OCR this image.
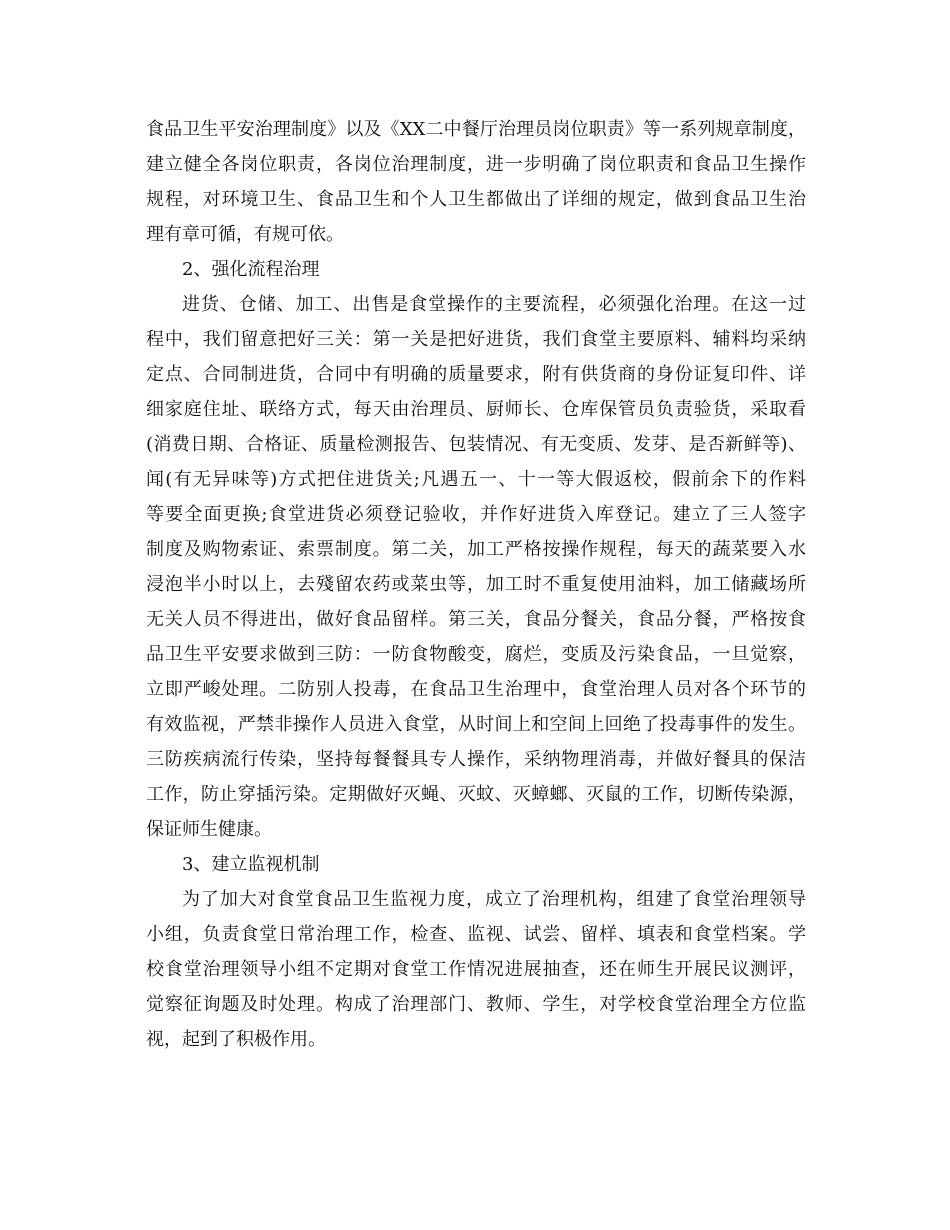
食品卫生平安治理制度》以及《XX二中餐厅治理员岗位职责》等一系列规章制度，
建立健全各岗位职责，各岗位治理制度，进一步明确了岗位职责和食品卫生操作
规程，对环境卫生、食品卫生和个人卫生都做出了详细的规定，做到食品卫生治
理有章可循，有规可依。
2、强化流程治理
进货、仓储、加工、出售是食堂操作的主要流程，必须强化治理。在这一过
程中，我们留意把好三关：第一关是把好进货，我们食堂主要原料、辅料均采纳
定点、合同制进货，合同中有明确的质量要求，附有供货商的身份证复印件、详
细家庭住址、联络方式，每天由治理员、厨师长、仓库保管员负责验货，采取看
(消费日期、合格证、质量检测报告、包装情况、有无变质、发芽、是否新鲜等)、
闻(有无异味等)方式把住进货关;凡遇五一、十一等大假返校，假前余下的作料
等要全面更换;食堂进货必须登记验收，并作好进货入库登记。建立了三人签字
制度及购物索证、索票制度。第二关，加工严格按操作规程，每天的蔬菜要入水
浸泡半小时以上，去殘留农药或菜虫等，加工时不重复使用油料，加工储藏场所
无关人员不得进出，做好食品留样。第三关，食品分餐关，食品分餐，严格按食
品卫生平安要求做到三防：一防食物酸变，腐烂，变质及污染食品，一旦觉察，
立即严峻处理。二防别人投毒，在食品卫生治理中，食堂治理人员对各个环节的
有效监视，严禁非操作人员进入食堂，从时间上和空间上回绝了投毒事件的发生。
三防疾病流行传染，坚持每餐餐具专人操作，采纳物理消毒，并做好餐具的保洁
工作，防止穿插污染。定期做好灭蝇、灭蚊、灭蟑螂、灭鼠的工作，切断传染源，
保证师生健康。
3、建立监视机制
为了加大对食堂食品卫生监视力度，成立了治理机构，组建了食堂治理领导
小组，负责食堂日常治理工作，检查、监视、试尝、留样、填表和食堂档案。学
校食堂治理领导小组不定期对食堂工作情况进展抽查，还在师生开展民议测评，
觉察征询题及时处理。构成了治理部门、教师、学生，对学校食堂治理全方位监
视，起到了积极作用。
